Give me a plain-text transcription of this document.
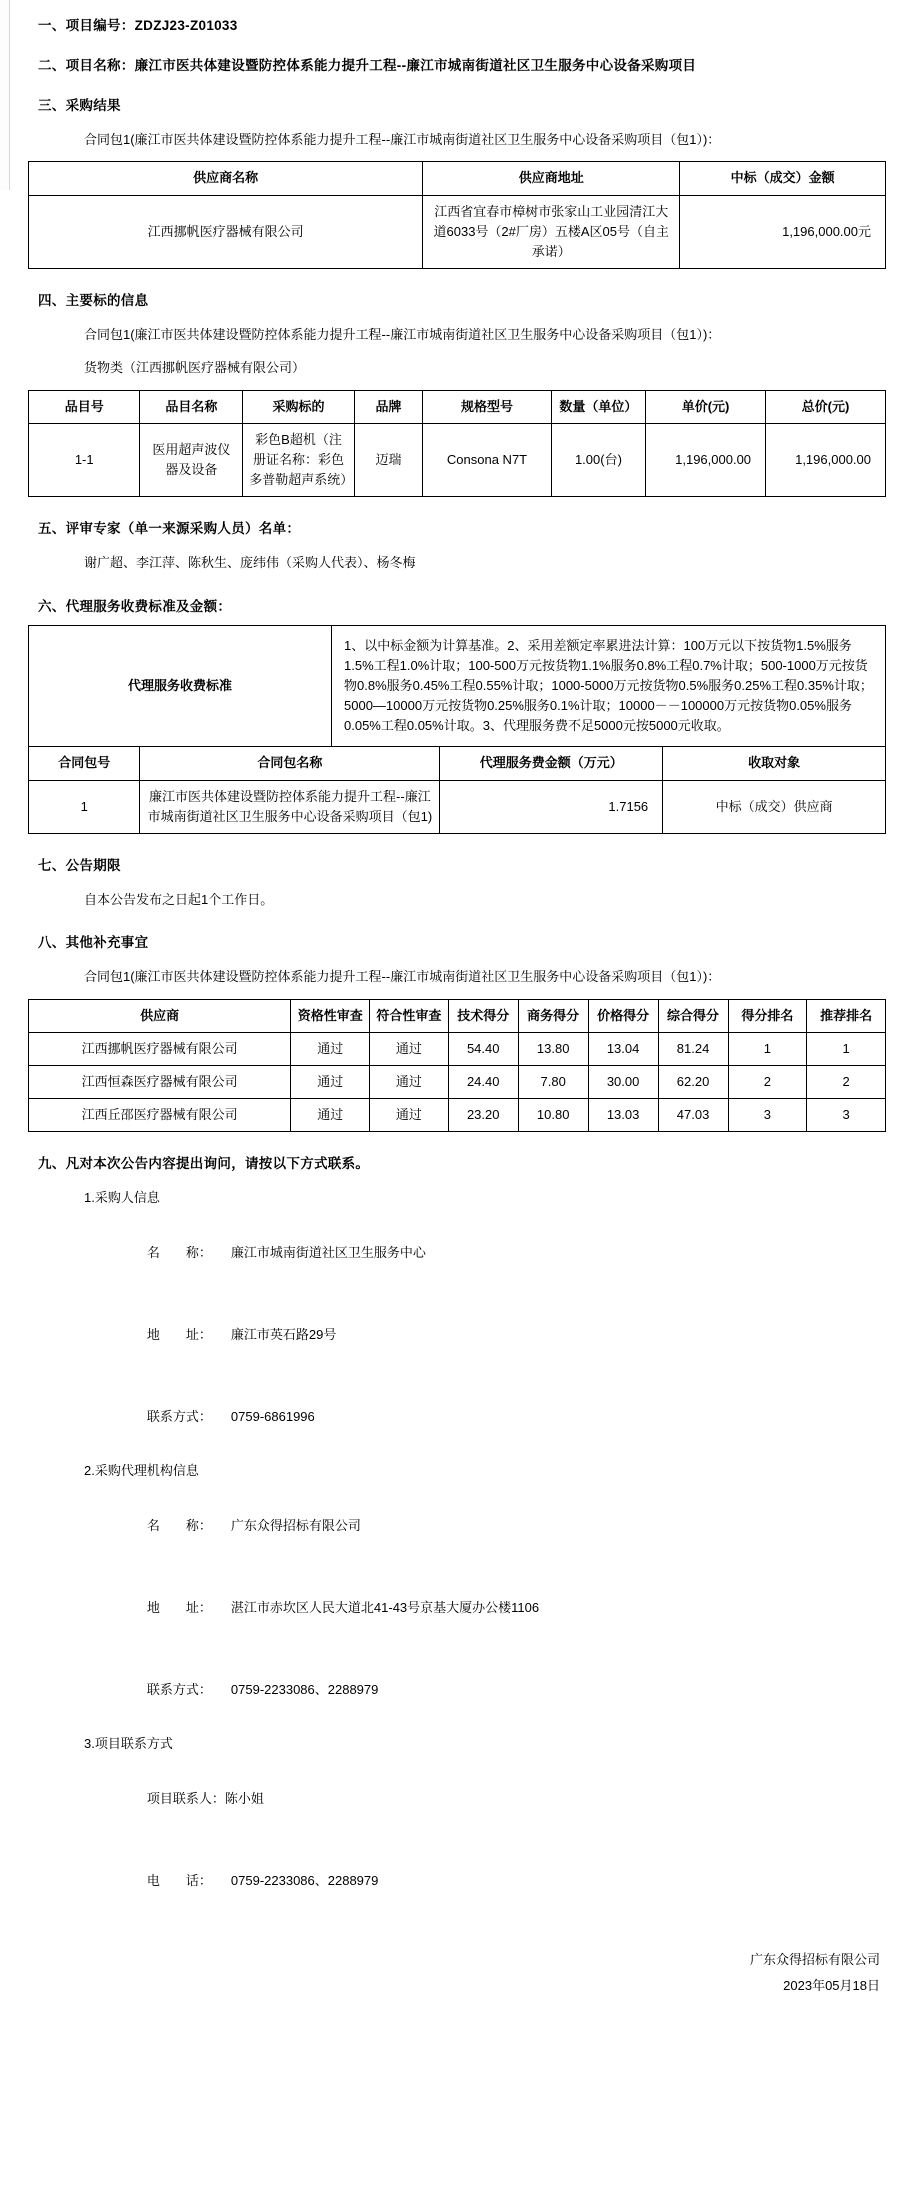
一、项目编号：ZDZJ23-Z01033
二、项目名称：廉江市医共体建设暨防控体系能力提升工程--廉江市城南街道社区卫生服务中心设备采购项目
三、采购结果
合同包1(廉江市医共体建设暨防控体系能力提升工程--廉江市城南街道社区卫生服务中心设备采购项目（包1）)：
供应商名称	供应商地址	中标（成交）金额
江西挪帆医疗器械有限公司	江西省宜春市樟树市张家山工业园清江大道6033号（2#厂房）五楼A区05号（自主承诺）	1,196,000.00元
四、主要标的信息
合同包1(廉江市医共体建设暨防控体系能力提升工程--廉江市城南街道社区卫生服务中心设备采购项目（包1）)：
货物类（江西挪帆医疗器械有限公司）
品目号	品目名称	采购标的	品牌	规格型号	数量（单位）	单价(元)	总价(元)
1-1	医用超声波仪器及设备	彩色B超机（注册证名称：彩色多普勒超声系统）	迈瑞	Consona N7T	1.00(台)	1,196,000.00	1,196,000.00
五、评审专家（单一来源采购人员）名单：
谢广超、李江萍、陈秋生、庞纬伟（采购人代表）、杨冬梅
六、代理服务收费标准及金额：
代理服务收费标准	1、以中标金额为计算基准。2、采用差额定率累进法计算：100万元以下按货物1.5%服务1.5%工程1.0%计取；100-500万元按货物1.1%服务0.8%工程0.7%计取；500-1000万元按货物0.8%服务0.45%工程0.55%计取；1000-5000万元按货物0.5%服务0.25%工程0.35%计取；5000—10000万元按货物0.25%服务0.1%计取；10000－－100000万元按货物0.05%服务0.05%工程0.05%计取。3、代理服务费不足5000元按5000元收取。
合同包号	合同包名称	代理服务费金额（万元）	收取对象
1	廉江市医共体建设暨防控体系能力提升工程--廉江市城南街道社区卫生服务中心设备采购项目（包1)	1.7156	中标（成交）供应商
七、公告期限
自本公告发布之日起1个工作日。
八、其他补充事宜
合同包1(廉江市医共体建设暨防控体系能力提升工程--廉江市城南街道社区卫生服务中心设备采购项目（包1）)：
供应商	资格性审查	符合性审查	技术得分	商务得分	价格得分	综合得分	得分排名	推荐排名
江西挪帆医疗器械有限公司	通过	通过	54.40	13.80	13.04	81.24	1	1
江西恒森医疗器械有限公司	通过	通过	24.40	7.80	30.00	62.20	2	2
江西丘邵医疗器械有限公司	通过	通过	23.20	10.80	13.03	47.03	3	3
九、凡对本次公告内容提出询问，请按以下方式联系。
1.采购人信息

名　　称： 廉江市城南街道社区卫生服务中心

地　　址： 廉江市英石路29号

联系方式： 0759-6861996

2.采购代理机构信息

名　　称： 广东众得招标有限公司

地　　址： 湛江市赤坎区人民大道北41-43号京基大厦办公楼1106

联系方式： 0759-2233086、2288979

3.项目联系方式

项目联系人：陈小姐

电　　话： 0759-2233086、2288979

广东众得招标有限公司
2023年05月18日
